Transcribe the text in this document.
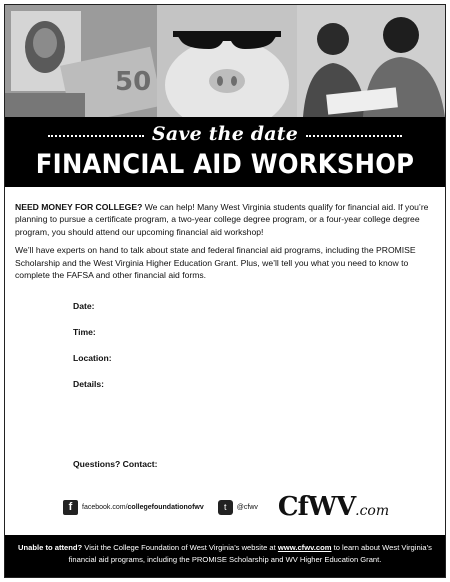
50
Save the date
FINANCIAL AID WORKSHOP

NEED MONEY FOR COLLEGE? We can help! Many West Virginia students qualify for financial aid. If you’re planning to pursue a certificate program, a two-year college degree program, or a four-year college degree program, you should attend our upcoming financial aid workshop!

We’ll have experts on hand to talk about state and federal financial aid programs, including the PROMISE Scholarship and the West Virginia Higher Education Grant. Plus, we’ll tell you what you need to know to complete the FAFSA and other financial aid forms.

Date:
Time:
Location:
Details:
Questions? Contact:
f	facebook.com/collegefoundationofwv	t	@cfwv CfWV.com
Unable to attend? Visit the College Foundation of West Virginia’s website at www.cfwv.com to learn about West Virginia’s financial aid programs, including the PROMISE Scholarship and WV Higher Education Grant.
